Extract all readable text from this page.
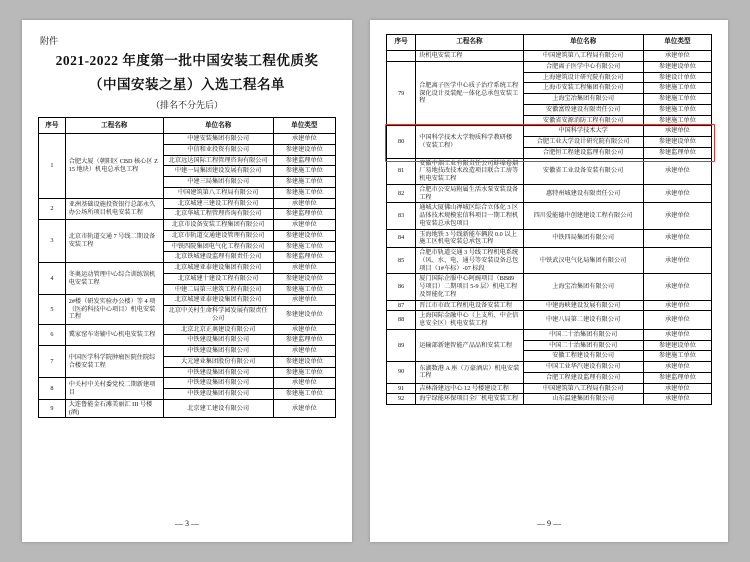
附件
2021-2022 年度第一批中国安装工程优质奖
（中国安装之星）入选工程名单
（排名不分先后）
序号	工程名称	单位名称	单位类型
1	合肥大厦（朝阳区 CBD 核心区 Z15 地块）机电总承包工程	中建安装集团有限公司	承建单位
		中信和业投资有限公司	参建建设单位
		北京远达国际工程管理咨询有限公司	参建监理单位
		中建一局集团建设发展有限公司	参建施工单位
		中建三局集团有限公司	参建施工单位
		中国建筑第八工程局有限公司	参建施工单位
2	亚洲基础设施投资银行总部永久办公场所项目机电安装工程	北京城建三建设工程有限公司	承建单位
		北京华城工程管理咨询有限公司	参建监理单位
3	北京市轨道交通 7 号线二期设备安装工程	北京市设备安装工程集团有限公司	承建单位
		北京市轨道交通建设管理有限公司	参建建设单位
		中铁四院集团电气化工程有限公司	参建施工单位
		北京铁城建设监理有限责任公司	参建监理单位
4	冬奥运动管理中心综合训练馆机电安装工程	北京城建亚泰建设集团有限公司	承建单位
		北京城建十建设工程有限公司	参建建设单位
		中建二局第三建筑工程有限公司	参建施工单位
5	2#楼（研发实验办公楼）等 4 项（医药科技中心项目）机电安装工程	北京城建亚泰建设集团有限公司	承建单位
		北京中关村生命科学园发展有限责任公司	参建建设单位
6	冀家窑车寄辅中心机电安装工程	北京北京正奥建设有限公司	承建单位
		中铁建设集团有限公司	参建监理单位
7	中国医学科学院肿瘤医院住院综合楼安装工程	中铁建设集团有限公司	承建单位
		大元建业集团股份有限公司	参建建设单位
		中铁建设集团有限公司	参建施工单位
8	中关村中关村委党校二期新建项目	中铁建设集团有限公司	承建单位
		中铁建设集团有限公司	参建施工单位
9	大连鲁能金石滩美丽汇 III 号楼(酒)	北京建工建设有限公司	承建单位
— 3 —
序号	工程名称	单位名称	单位类型
	块机电安装工程	中国建筑第八工程局有限公司	承建单位
79	合肥离子医学中心质子治疗系统工程深化设计及装配一体化总承包安装工程	合肥离子医学中心有限公司	参建建设单位
		上海建筑设计研究院有限公司	参建设计单位
		上海市安装工程集团有限公司	参建施工单位
		上海宝冶集团有限公司	参建施工单位
		安徽富煌建设有限责任公司	参建施工单位
		安徽省安源消防工程有限公司	参建施工单位
80	中国科学技术大学物质科学教研楼（安装工程）	中国科学技术大学	承建单位
		合肥工业大学设计研究院有限公司	参建建设单位
		合肥恒工程建设监理有限公司	参建监理单位
81	安徽中烟工业有限责任公司蚌埠卷烟厂易地技改技术改造项目联合工房等机电安装工程	安徽省工业设备安装有限公司	承建单位
82	合肥市公安局附属生活水泵安装设备工程	惠特州城建设有限责任公司	承建单位
83	通城大厦佛山禅城区综合立体化 3 区品体技术规模宏信科项目一期工程机电安装总承包项目	四川爱能德中创建建设工程有限公司	承建单位
84	玉海地铁 3 号线新能车辆段 0.0 以上施工区机电安装总承包工程	中铁四局集团有限公司	承建单位
85	合肥市轨道交通 3 号线工程机电系统（风、水、电、通号等安装设备总包项目（1#车标）-07 标段	中铁武汉电气化局集团有限公司	承建单位
86	厦门国际企服中心阿豌项目（BB89 号项目）二期项目 5-9 层）机电工程及智能化工程	上海宝冶集团有限公司	承建单位
87	晋江市市政工程机电设备安装工程	中建海峡建设发展有限公司	承建单位
88	上海国际金融中心（上支所、中企信息安全区）机电安装工程	中建八局第二建设有限公司	承建单位
89	运输部新建智能产品品和安装工程	中国二十治集团有限公司	承建单位
		中国二十治集团有限公司	参建建设单位
		安徽工程建设有限公司	参建施工单位
90	东湖数港 A 座（万豪酒店）机电安装工程	中国工业华汽建设有限公司	承建单位
		合肥工程建设监理有限公司	参建监理单位
91	吉林洛建远中心 12 号楼建设工程	中国建筑第八工程局有限公司	承建单位
92	海宁绿能环保项目全厂机电安装工程	山东温建集团有限公司	承建单位
— 9 —
